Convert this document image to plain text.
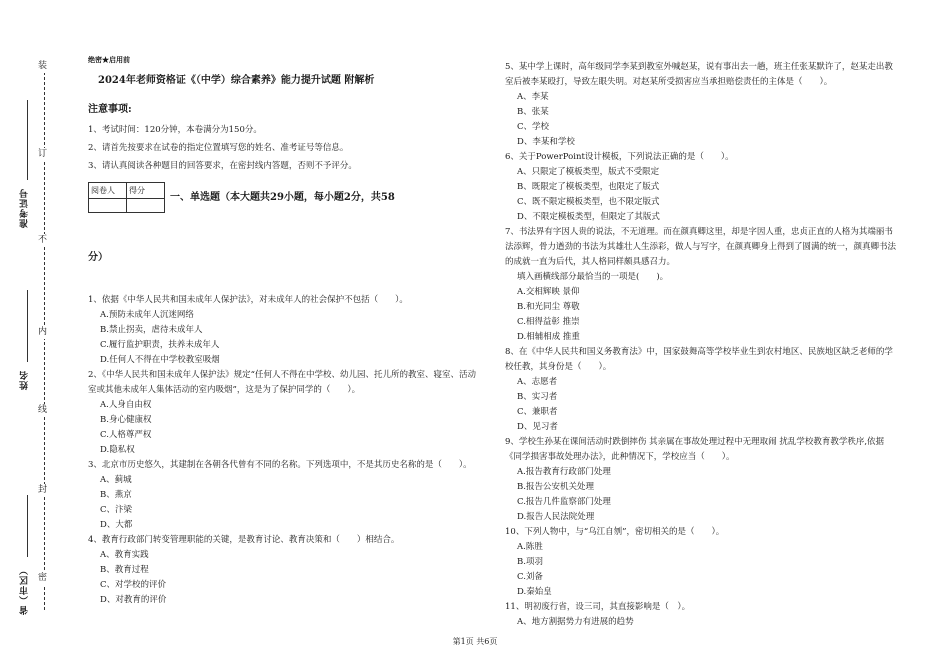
装
订
不
内
线
封
密
准考证号
姓名
省（市区）
绝密★启用前
2024年老师资格证《（中学）综合素养》能力提升试题 附解析
注意事项:

1、考试时间：120分钟，本卷满分为150分。

2、请首先按要求在试卷的指定位置填写您的姓名、准考证号等信息。

3、请认真阅读各种题目的回答要求，在密封线内答题，否则不予评分。

阅卷人	得分

一、单选题（本大题共29小题，每小题2分，共58
分）

1、依据《中华人民共和国未成年人保护法》，对未成年人的社会保护不包括（　　）。

A.预防未成年人沉迷网络

B.禁止拐卖，虐待未成年人

C.履行监护职责，扶养未成年人

D.任何人不得在中学校教室吸烟

2、《中华人民共和国未成年人保护法》规定“任何人不得在中学校、幼儿园、托儿所的教室、寝室、活动室或其他未成年人集体活动的室内吸烟”，这是为了保护同学的（　　）。

A.人身自由权

B.身心健康权

C.人格尊严权

D.隐私权

3、北京市历史悠久，其建制在各朝各代曾有不同的名称。下列选项中，不是其历史名称的是（　　）。

A、蓟城

B、燕京

C、汴梁

D、大都

4、教育行政部门转变管理职能的关键，是教育讨论、教育决策和（　　）相结合。

A、教育实践

B、教育过程

C、对学校的评价

D、对教育的评价

5、某中学上课时，高年级同学李某到教室外喊赵某，说有事出去一趟，班主任张某默许了，赵某走出教室后被李某殴打，导致左眼失明。对赵某所受损害应当承担赔偿责任的主体是（　　）。

A、李某

B、张某

C、学校

D、李某和学校

6、关于PowerPoint设计模板，下列说法正确的是（　　）。

A、只限定了模板类型，版式不受限定

B、既限定了模板类型，也限定了版式

C、既不限定模板类型，也不限定版式

D、不限定模板类型，但限定了其版式

7、书法界有字因人贵的说法，不无道理。而在颜真卿这里，却是字因人重，忠贞正直的人格为其端丽书法添辉，骨力遒劲的书法为其雄壮人生添彩，做人与写字，在颜真卿身上得到了圆满的统一，颜真卿书法的成就一直为后代，其人格同样颇具感召力。

填入画横线部分最恰当的一项是(　　)。

A.交相辉映 景仰

B.和光同尘 尊敬

C.相得益彰 推崇

D.相辅相成 推重

8、在《中华人民共和国义务教育法》中，国家鼓舞高等学校毕业生到农村地区、民族地区缺乏老师的学校任教，其身份是（　　）。

A、志愿者

B、实习者

C、兼职者

D、见习者

9、学校生孙某在课间活动时跌倒摔伤 其亲属在事故处理过程中无理取闹 扰乱学校教育教学秩序,依据《同学损害事故处理办法》，此种情况下，学校应当（　　）。

A.报告教育行政部门处理

B.报告公安机关处理

C.报告几件监察部门处理

D.报告人民法院处理

10、下列人物中，与“乌江自刎”，密切相关的是（　　）。

A.陈胜

B.项羽

C.刘备

D.秦始皇

11、明初废行省，设三司，其直接影响是（　）。

A、地方割据势力有进展的趋势

第1页 共6页
